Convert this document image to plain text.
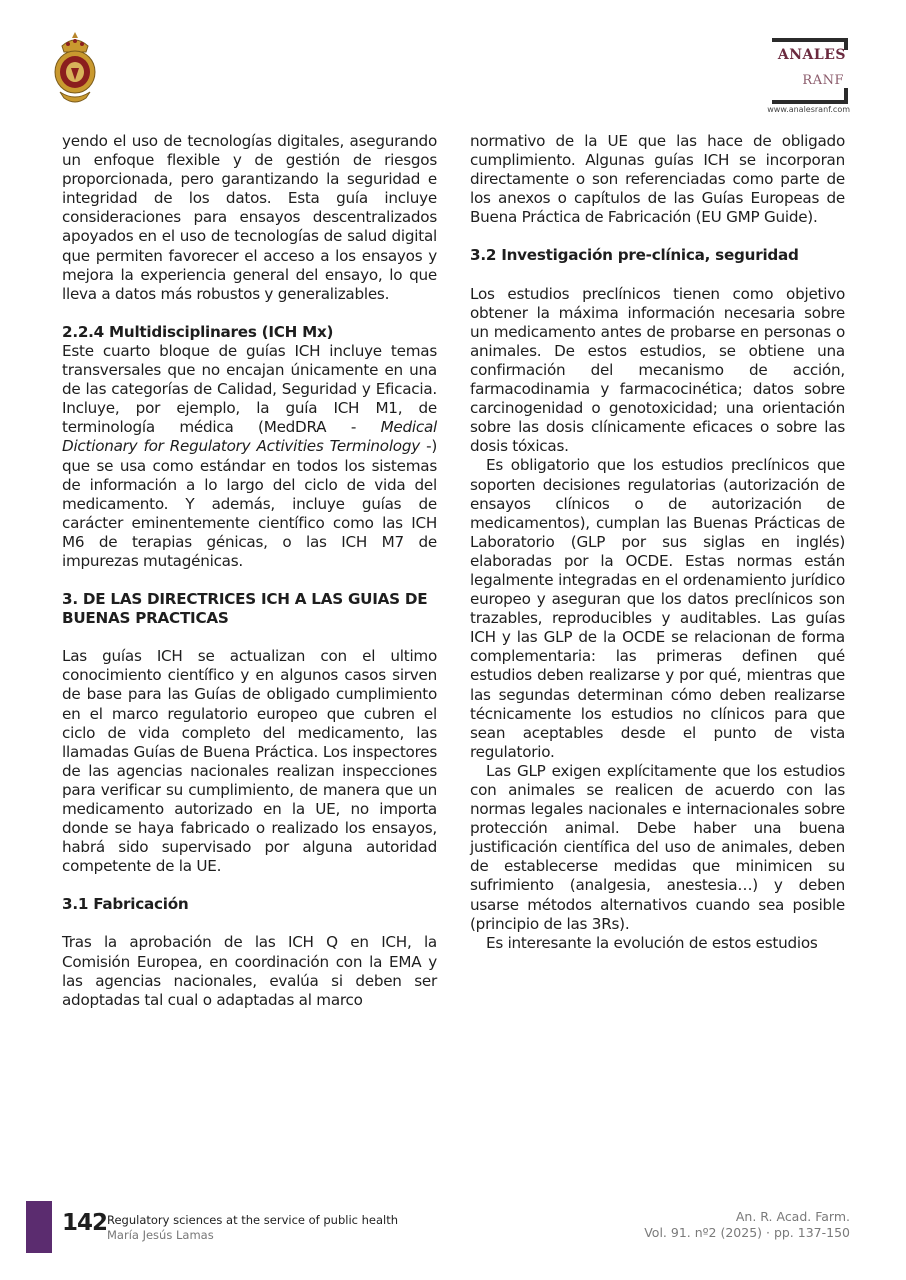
ANALES
RANF
www.analesranf.com

yendo el uso de tecnologías digitales, asegurando un enfoque flexible y de gestión de riesgos proporcionada, pero garantizando la seguridad e integridad de los datos. Esta guía incluye consideraciones para ensayos descentralizados apoyados en el uso de tecnologías de salud digital que permiten favorecer el acceso a los ensayos y mejora la experiencia general del ensayo, lo que lleva a datos más robustos y generalizables.

2.2.4 Multidisciplinares (ICH Mx)

Este cuarto bloque de guías ICH incluye temas transversales que no encajan únicamente en una de las categorías de Calidad, Seguridad y Eficacia. Incluye, por ejemplo, la guía ICH M1, de terminología médica (MedDRA - Medical Dictionary for Regulatory Activities Terminology -) que se usa como estándar en todos los sistemas de información a lo largo del ciclo de vida del medicamento. Y además, incluye guías de carácter eminentemente científico como las ICH M6 de terapias génicas, o las ICH M7 de impurezas mutagénicas.

3. DE LAS DIRECTRICES ICH A LAS GUIAS DE BUENAS PRACTICAS

Las guías ICH se actualizan con el ultimo conocimiento científico y en algunos casos sirven de base para las Guías de obligado cumplimiento en el marco regulatorio europeo que cubren el ciclo de vida completo del medicamento, las llamadas Guías de Buena Práctica. Los inspectores de las agencias nacionales realizan inspecciones para verificar su cumplimiento, de manera que un medicamento autorizado en la UE, no importa donde se haya fabricado o realizado los ensayos, habrá sido supervisado por alguna autoridad competente de la UE.

3.1 Fabricación

Tras la aprobación de las ICH Q en ICH, la Comisión Europea, en coordinación con la EMA y las agencias nacionales, evalúa si deben ser adoptadas tal cual o adaptadas al marco

normativo de la UE que las hace de obligado cumplimiento. Algunas guías ICH se incorporan directamente o son referenciadas como parte de los anexos o capítulos de las Guías Europeas de Buena Práctica de Fabricación (EU GMP Guide).

3.2 Investigación pre-clínica, seguridad

Los estudios preclínicos tienen como objetivo obtener la máxima información necesaria sobre un medicamento antes de probarse en personas o animales. De estos estudios, se obtiene una confirmación del mecanismo de acción, farmacodinamia y farmacocinética; datos sobre carcinogenidad o genotoxicidad; una orientación sobre las dosis clínicamente eficaces o sobre las dosis tóxicas.

Es obligatorio que los estudios preclínicos que soporten decisiones regulatorias (autorización de ensayos clínicos o de autorización de medicamentos), cumplan las Buenas Prácticas de Laboratorio (GLP por sus siglas en inglés) elaboradas por la OCDE. Estas normas están legalmente integradas en el ordenamiento jurídico europeo y aseguran que los datos preclínicos son trazables, reproducibles y auditables. Las guías ICH y las GLP de la OCDE se relacionan de forma complementaria: las primeras definen qué estudios deben realizarse y por qué, mientras que las segundas determinan cómo deben realizarse técnicamente los estudios no clínicos para que sean aceptables desde el punto de vista regulatorio.

Las GLP exigen explícitamente que los estudios con animales se realicen de acuerdo con las normas legales nacionales e internacionales sobre protección animal. Debe haber una buena justificación científica del uso de animales, deben de establecerse medidas que minimicen su sufrimiento (analgesia, anestesia…) y deben usarse métodos alternativos cuando sea posible (principio de las 3Rs).

Es interesante la evolución de estos estudios

142 Regulatory sciences at the service of public health
María Jesús Lamas
An. R. Acad. Farm.
Vol. 91. nº2 (2025) · pp. 137-150
